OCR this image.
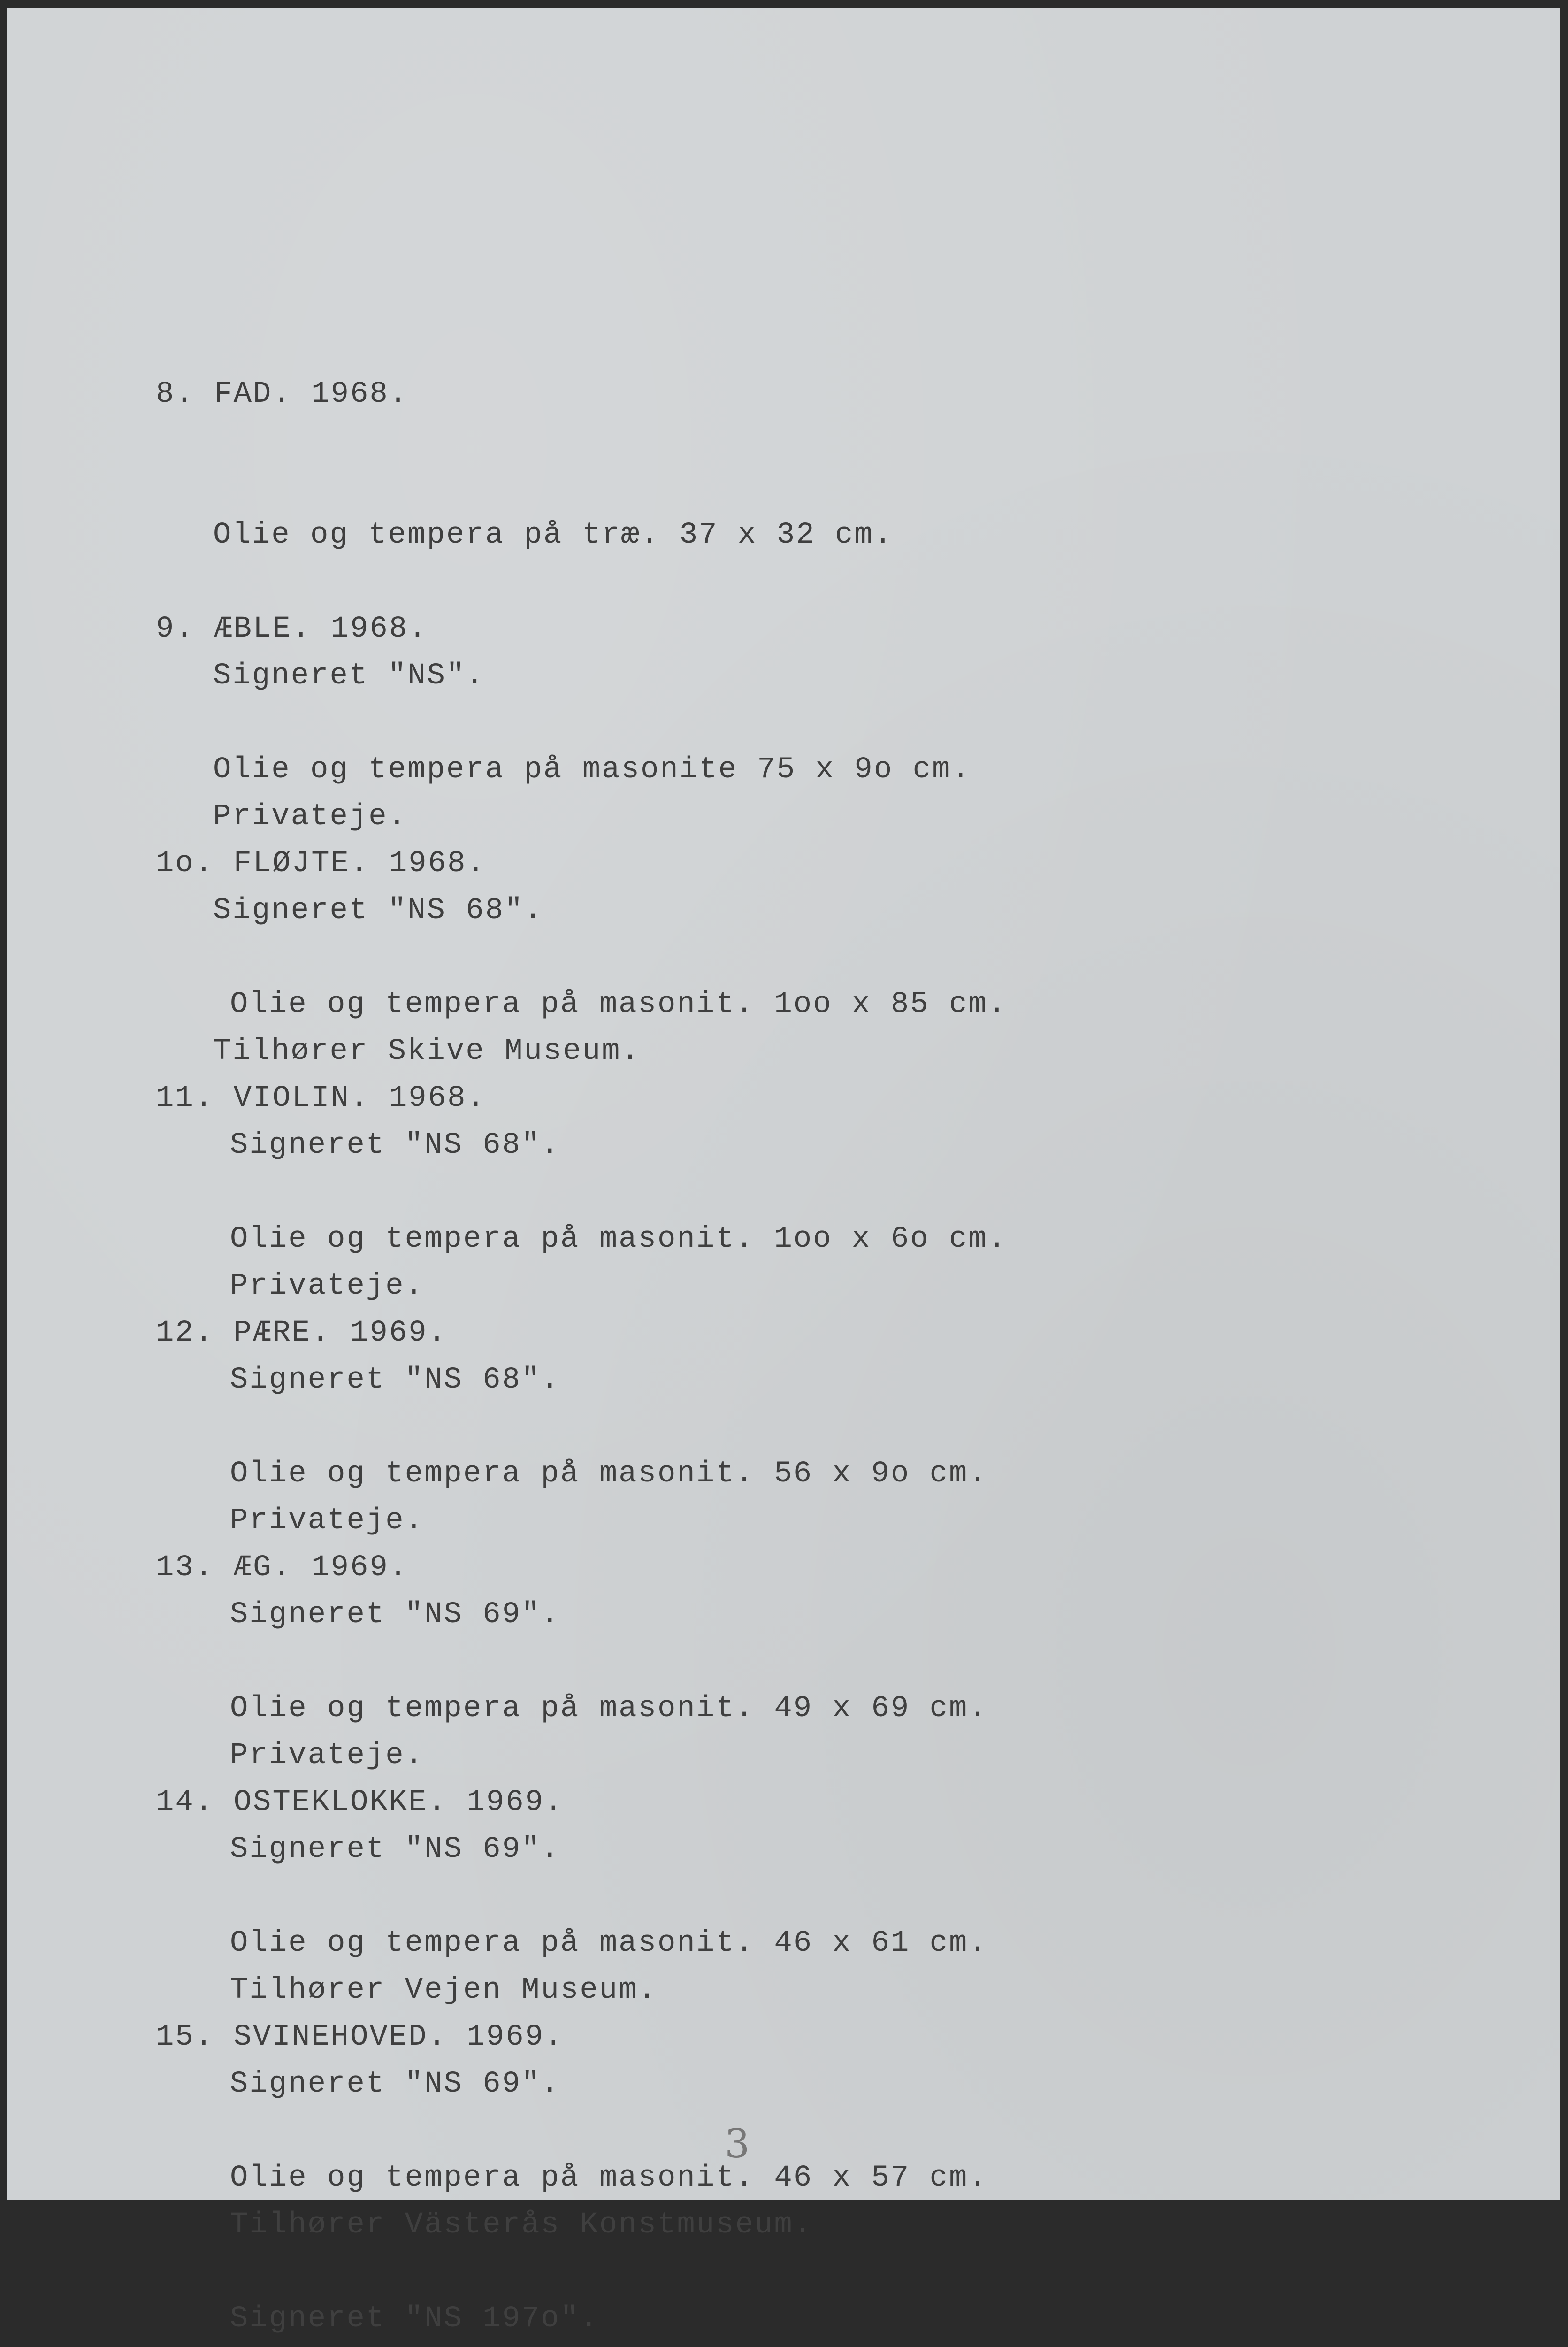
8. FAD. 1968.

Olie og tempera på træ. 37 x 32 cm.

Signeret "NS".

Privateje.

9. ÆBLE. 1968.

Olie og tempera på masonite 75 x 9o cm.

Signeret "NS 68".

Tilhører Skive Museum.

1o. FLØJTE. 1968.

Olie og tempera på masonit. 1oo x 85 cm.

Signeret "NS 68".

Privateje.

11. VIOLIN. 1968.

Olie og tempera på masonit. 1oo x 6o cm.

Signeret "NS 68".

Privateje.

12. PÆRE. 1969.

Olie og tempera på masonit. 56 x 9o cm.

Signeret "NS 69".

Privateje.

13. ÆG. 1969.

Olie og tempera på masonit. 49 x 69 cm.

Signeret "NS 69".

Tilhører Vejen Museum.

14. OSTEKLOKKE. 1969.

Olie og tempera på masonit. 46 x 61 cm.

Signeret "NS 69".

Tilhører Västerås Konstmuseum.

15. SVINEHOVED. 1969.

Olie og tempera på masonit. 46 x 57 cm.

Signeret "NS 197o".

3
